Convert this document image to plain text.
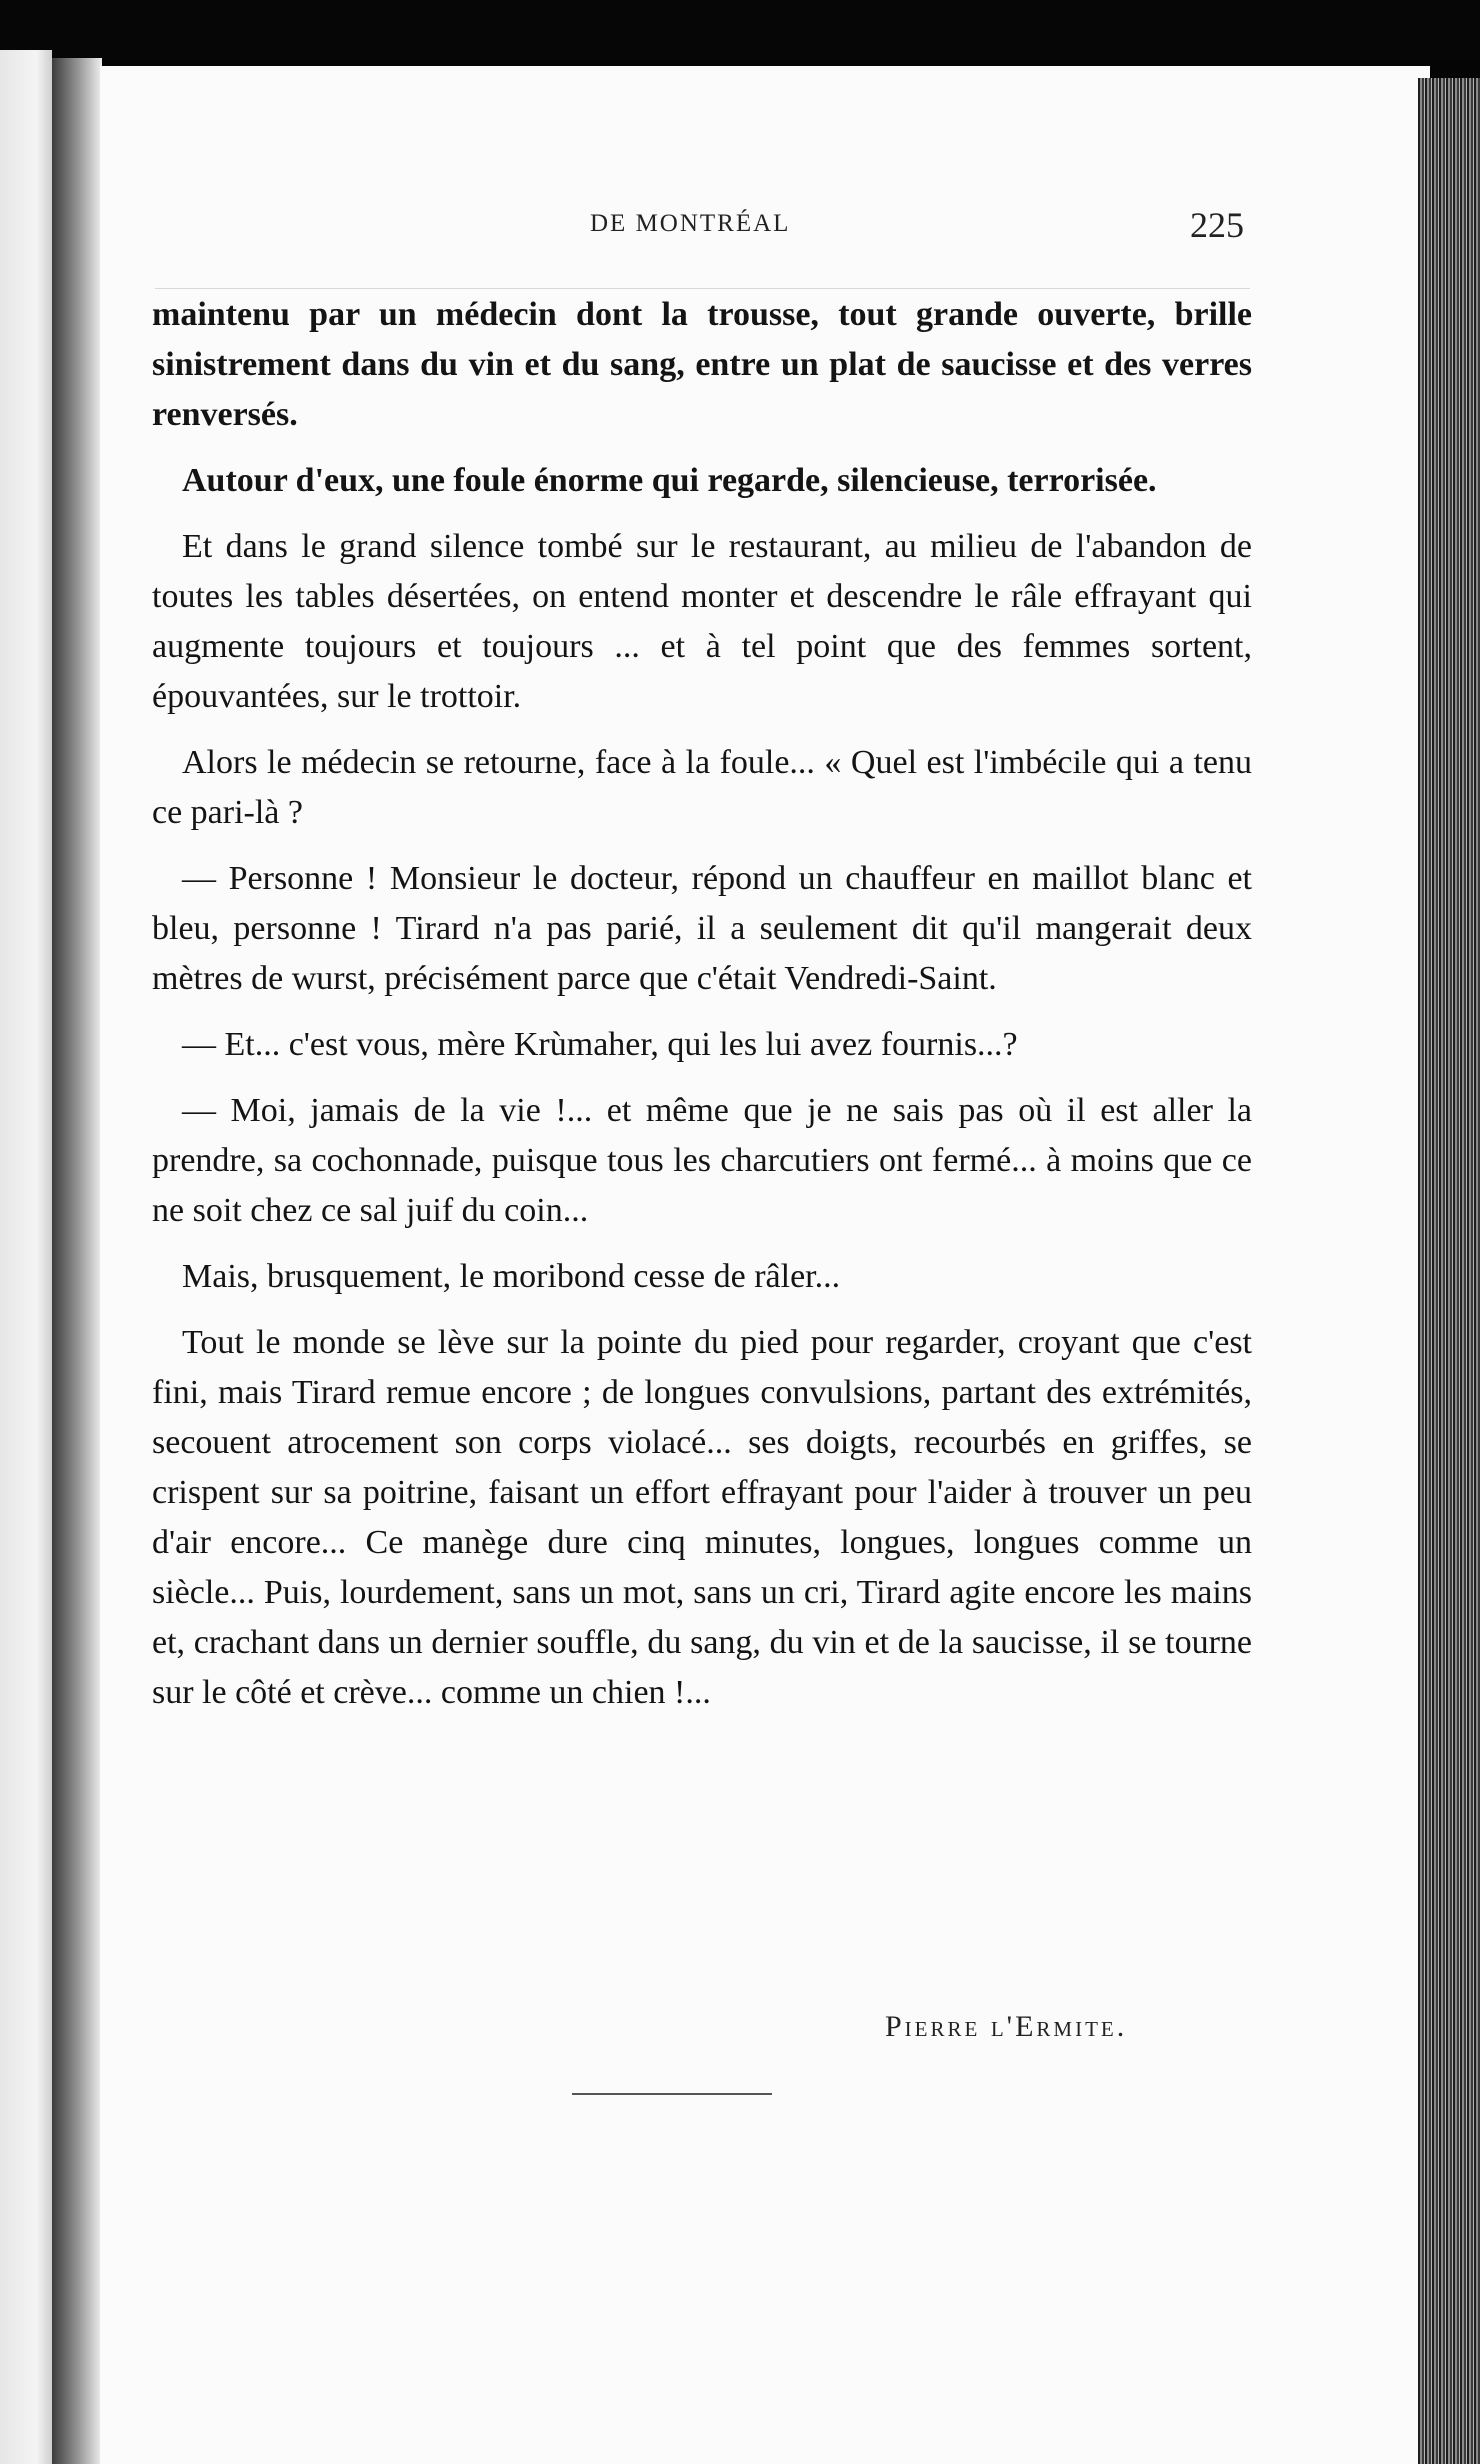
DE MONTRÉAL	225

maintenu par un médecin dont la trousse, tout grande ouverte, brille sinistrement dans du vin et du sang, entre un plat de saucisse et des verres renversés.

Autour d'eux, une foule énorme qui regarde, silencieuse, terrorisée.

Et dans le grand silence tombé sur le restaurant, au milieu de l'abandon de toutes les tables désertées, on entend monter et descendre le râle effrayant qui augmente toujours et toujours ... et à tel point que des femmes sortent, épouvantées, sur le trottoir.

Alors le médecin se retourne, face à la foule... « Quel est l'imbécile qui a tenu ce pari-là ?

— Personne ! Monsieur le docteur, répond un chauffeur en maillot blanc et bleu, personne ! Tirard n'a pas parié, il a seulement dit qu'il mangerait deux mètres de wurst, précisément parce que c'était Vendredi-Saint.

— Et... c'est vous, mère Krùmaher, qui les lui avez fournis...?

— Moi, jamais de la vie !... et même que je ne sais pas où il est aller la prendre, sa cochonnade, puisque tous les charcutiers ont fermé... à moins que ce ne soit chez ce sal juif du coin...

Mais, brusquement, le moribond cesse de râler...

Tout le monde se lève sur la pointe du pied pour regarder, croyant que c'est fini, mais Tirard remue encore ; de longues convulsions, partant des extrémités, secouent atrocement son corps violacé... ses doigts, recourbés en griffes, se crispent sur sa poitrine, faisant un effort effrayant pour l'aider à trouver un peu d'air encore... Ce manège dure cinq minutes, longues, longues comme un siècle... Puis, lourdement, sans un mot, sans un cri, Tirard agite encore les mains et, crachant dans un dernier souffle, du sang, du vin et de la saucisse, il se tourne sur le côté et crève... comme un chien !...

Pierre l'Ermite.
